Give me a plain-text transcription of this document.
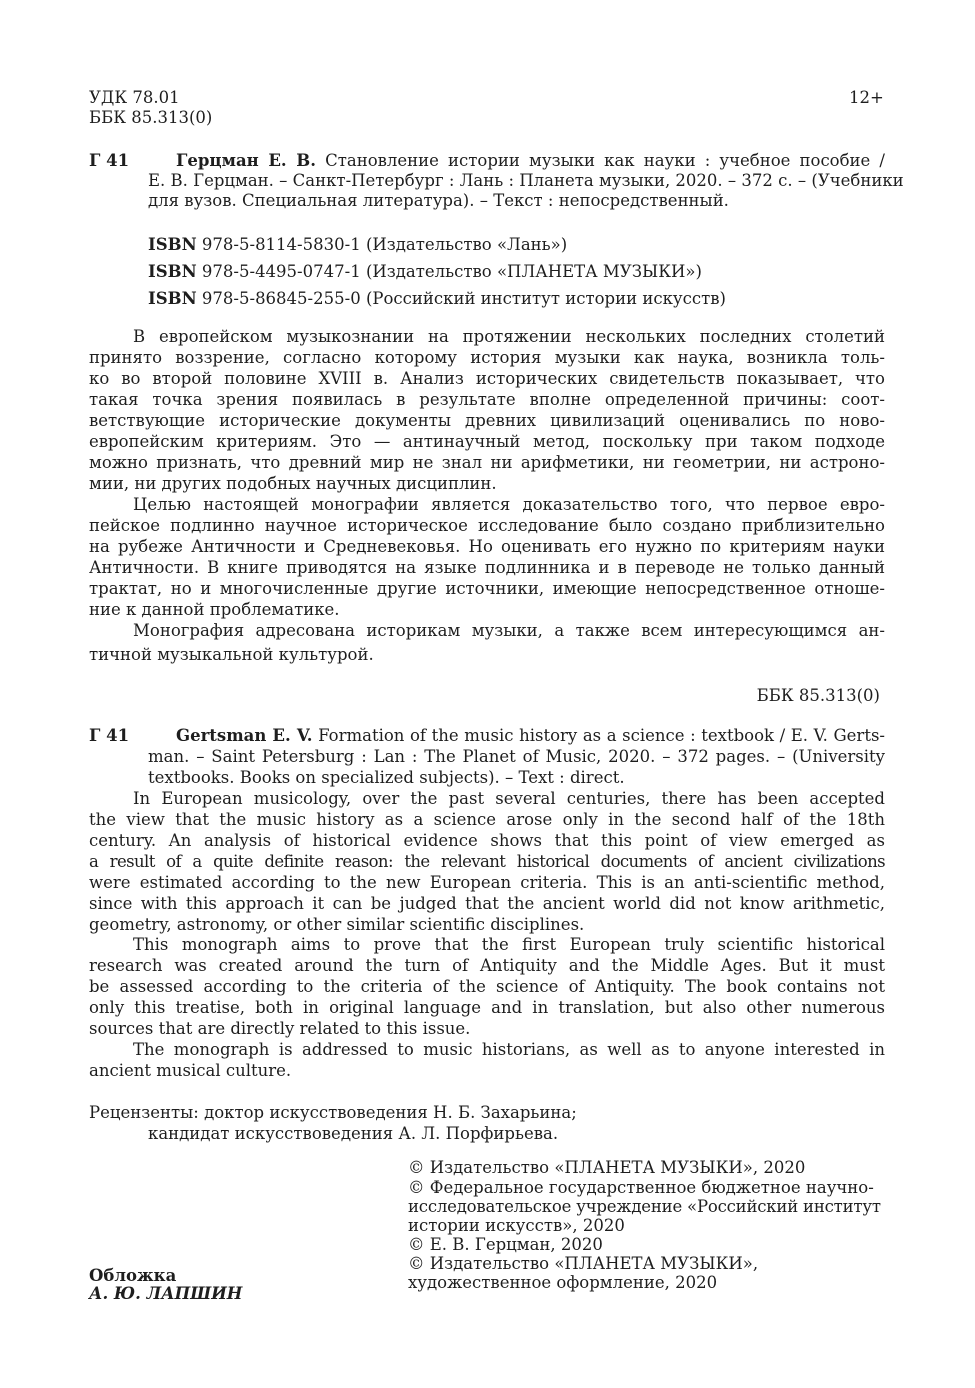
УДК 78.01
ББК 85.313(0)
12+
Г 41	Герцман Е. В. Становление истории музыки как науки : учебное пособие /
Е. В. Герцман. – Санкт-Петербург : Лань : Планета музыки, 2020. – 372 с. – (Учебники
для вузов. Специальная литература). – Текст : непосредственный.
ISBN 978-5-8114-5830-1 (Издательство «Лань»)
ISBN 978-5-4495-0747-1 (Издательство «ПЛАНЕТА МУЗЫКИ»)
ISBN 978-5-86845-255-0 (Российский институт истории искусств)
В европейском музыкознании на протяжении нескольких последних столетий
принято воззрение, согласно которому история музыки как наука, возникла толь-
ко во второй половине XVIII в. Анализ исторических свидетельств показывает, что
такая точка зрения появилась в результате вполне определенной причины: соот-
ветствующие исторические документы древних цивилизаций оценивались по ново-
европейским критериям. Это — антинаучный метод, поскольку при таком подходе
можно признать, что древний мир не знал ни арифметики, ни геометрии, ни астроно-
мии, ни других подобных научных дисциплин.
Целью настоящей монографии является доказательство того, что первое евро-
пейское подлинно научное историческое исследование было создано приблизительно
на рубеже Античности и Средневековья. Но оценивать его нужно по критериям науки
Античности. В книге приводятся на языке подлинника и в переводе не только данный
трактат, но и многочисленные другие источники, имеющие непосредственное отноше-
ние к данной проблематике.
Монография адресована историкам музыки, а также всем интересующимся ан-
тичной музыкальной культурой.
ББК 85.313(0)
Г 41	Gertsman E. V. Formation of the music history as a science : textbook / E. V. Gerts-
man. – Saint Petersburg : Lan : The Planet of Music, 2020. – 372 pages. – (University
textbooks. Books on specialized subjects). – Text : direct.
In European musicology, over the past several centuries, there has been accepted
the view that the music history as a science arose only in the second half of the 18th
century. An analysis of historical evidence shows that this point of view emerged as
a result of a quite definite reason: the relevant historical documents of ancient civilizations
were estimated according to the new European criteria. This is an anti-scientific method,
since with this approach it can be judged that the ancient world did not know arithmetic,
geometry, astronomy, or other similar scientific disciplines.
This monograph aims to prove that the first European truly scientific historical
research was created around the turn of Antiquity and the Middle Ages. But it must
be assessed according to the criteria of the science of Antiquity. The book contains not
only this treatise, both in original language and in translation, but also other numerous
sources that are directly related to this issue.
The monograph is addressed to music historians, as well as to anyone interested in
ancient musical culture.
Рецензенты: доктор искусствоведения Н. Б. Захарьина;
кандидат искусствоведения А. Л. Порфирьева.
© Издательство «ПЛАНЕТА МУЗЫКИ», 2020
© Федеральное государственное бюджетное научно-
исследовательское учреждение «Российский институт
истории искусств», 2020
© Е. В. Герцман, 2020
© Издательство «ПЛАНЕТА МУЗЫКИ»,
художественное оформление, 2020
Обложка
А. Ю. ЛАПШИН
